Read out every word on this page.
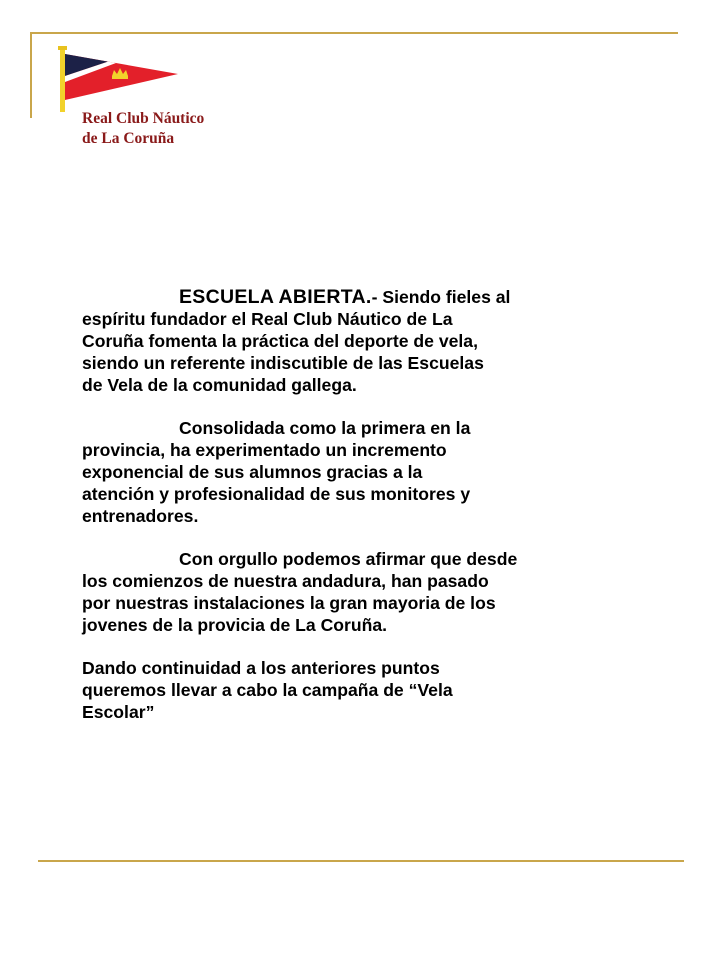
Real Club Náutico
de La Coruña

ESCUELA ABIERTA.- Siendo fieles al
espíritu fundador el Real Club Náutico de La
Coruña fomenta la práctica del deporte de vela,
siendo un referente indiscutible de las Escuelas
de Vela de la comunidad gallega.

Consolidada como la primera en la
provincia, ha experimentado un incremento
exponencial de sus alumnos gracias a la
atención y profesionalidad de sus monitores y
entrenadores.

Con orgullo podemos afirmar que desde
los comienzos de nuestra andadura, han pasado
por nuestras instalaciones la gran mayoria de los
jovenes de la provicia de La Coruña.

Dando continuidad a los anteriores puntos
queremos llevar a cabo la campaña de “Vela
Escolar”
